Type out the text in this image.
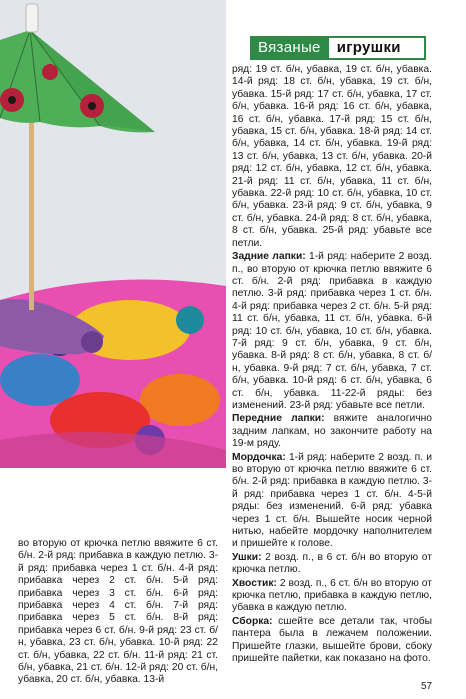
Вязаные	игрушки

ряд: 19 ст. б/н, убавка, 19 ст. б/н, убавка. 14-й ряд: 18 ст. б/н, убавка, 19 ст. б/н, убавка. 15-й ряд: 17 ст. б/н, убавка, 17 ст. б/н, убавка. 16-й ряд: 16 ст. б/н, убавка, 16 ст. б/н, убавка. 17-й ряд: 15 ст. б/н, убавка, 15 ст. б/н, убавка. 18-й ряд: 14 ст. б/н, убавка, 14 ст. б/н, убавка. 19-й ряд: 13 ст. б/н, убавка, 13 ст. б/н, убавка. 20-й ряд: 12 ст. б/н, убавка, 12 ст. б/н, убавка. 21-й ряд: 11 ст. б/н, убавка, 11 ст. б/н, убавка. 22-й ряд: 10 ст. б/н, убавка, 10 ст. б/н, убавка. 23-й ряд: 9 ст. б/н, убавка, 9 ст. б/н, убавка. 24-й ряд: 8 ст. б/н, убавка, 8 ст. б/н, убавка. 25-й ряд: убавьте все петли.

Задние лапки: 1-й ряд: наберите 2 возд. п., во вторую от крючка петлю ввяжите 6 ст. б/н. 2-й ряд: прибавка в каждую петлю. 3-й ряд: прибавка через 1 ст. б/н. 4-й ряд: прибавка через 2 ст. б/н. 5-й ряд: 11 ст. б/н, убавка, 11 ст. б/н, убавка. 6-й ряд: 10 ст. б/н, убавка, 10 ст. б/н, убавка. 7-й ряд: 9 ст. б/н, убавка, 9 ст. б/н, убавка. 8-й ряд: 8 ст. б/н, убавка, 8 ст. б/н, убавка. 9-й ряд: 7 ст. б/н, убавка, 7 ст. б/н, убавка. 10-й ряд: 6 ст. б/н, убавка, 6 ст. б/н, убавка. 11-22-й ряды: без изменений. 23-й ряд: убавьте все петли.

Передние лапки: вяжите аналогично задним лапкам, но закончите работу на 19-м ряду.

Мордочка: 1-й ряд: наберите 2 возд. п. и во вторую от крючка петлю ввяжите 6 ст. б/н. 2-й ряд: прибавка в каждую петлю. 3-й ряд: прибавка через 1 ст. б/н. 4-5-й ряды: без изменений. 6-й ряд: убавка через 1 ст. б/н. Вышейте носик черной нитью, набейте мордочку наполнителем и пришейте к голове.

Ушки: 2 возд. п., в 6 ст. б/н во вторую от крючка петлю.

Хвостик: 2 возд. п., 6 ст. б/н во вторую от крючка петлю, прибавка в каждую петлю, убавка в каждую петлю.

Сборка: сшейте все детали так, чтобы пантера была в лежачем положении. Пришейте глазки, вышейте брови, сбоку пришейте пайетки, как показано на фото.

во вторую от крючка петлю ввяжите 6 ст. б/н. 2-й ряд: прибавка в каждую петлю. 3-й ряд: прибавка через 1 ст. б/н. 4-й ряд: прибавка через 2 ст. б/н. 5-й ряд: прибавка через 3 ст. б/н. 6-й ряд: прибавка через 4 ст. б/н. 7-й ряд: прибавка через 5 ст. б/н. 8-й ряд: прибавка через 6 ст. б/н. 9-й ряд: 23 ст. б/н, убавка, 23 ст. б/н, убавка. 10-й ряд: 22 ст. б/н, убавка, 22 ст. б/н. 11-й ряд: 21 ст. б/н, убавка, 21 ст. б/н. 12-й ряд: 20 ст. б/н, убавка, 20 ст. б/н, убавка. 13-й

57
